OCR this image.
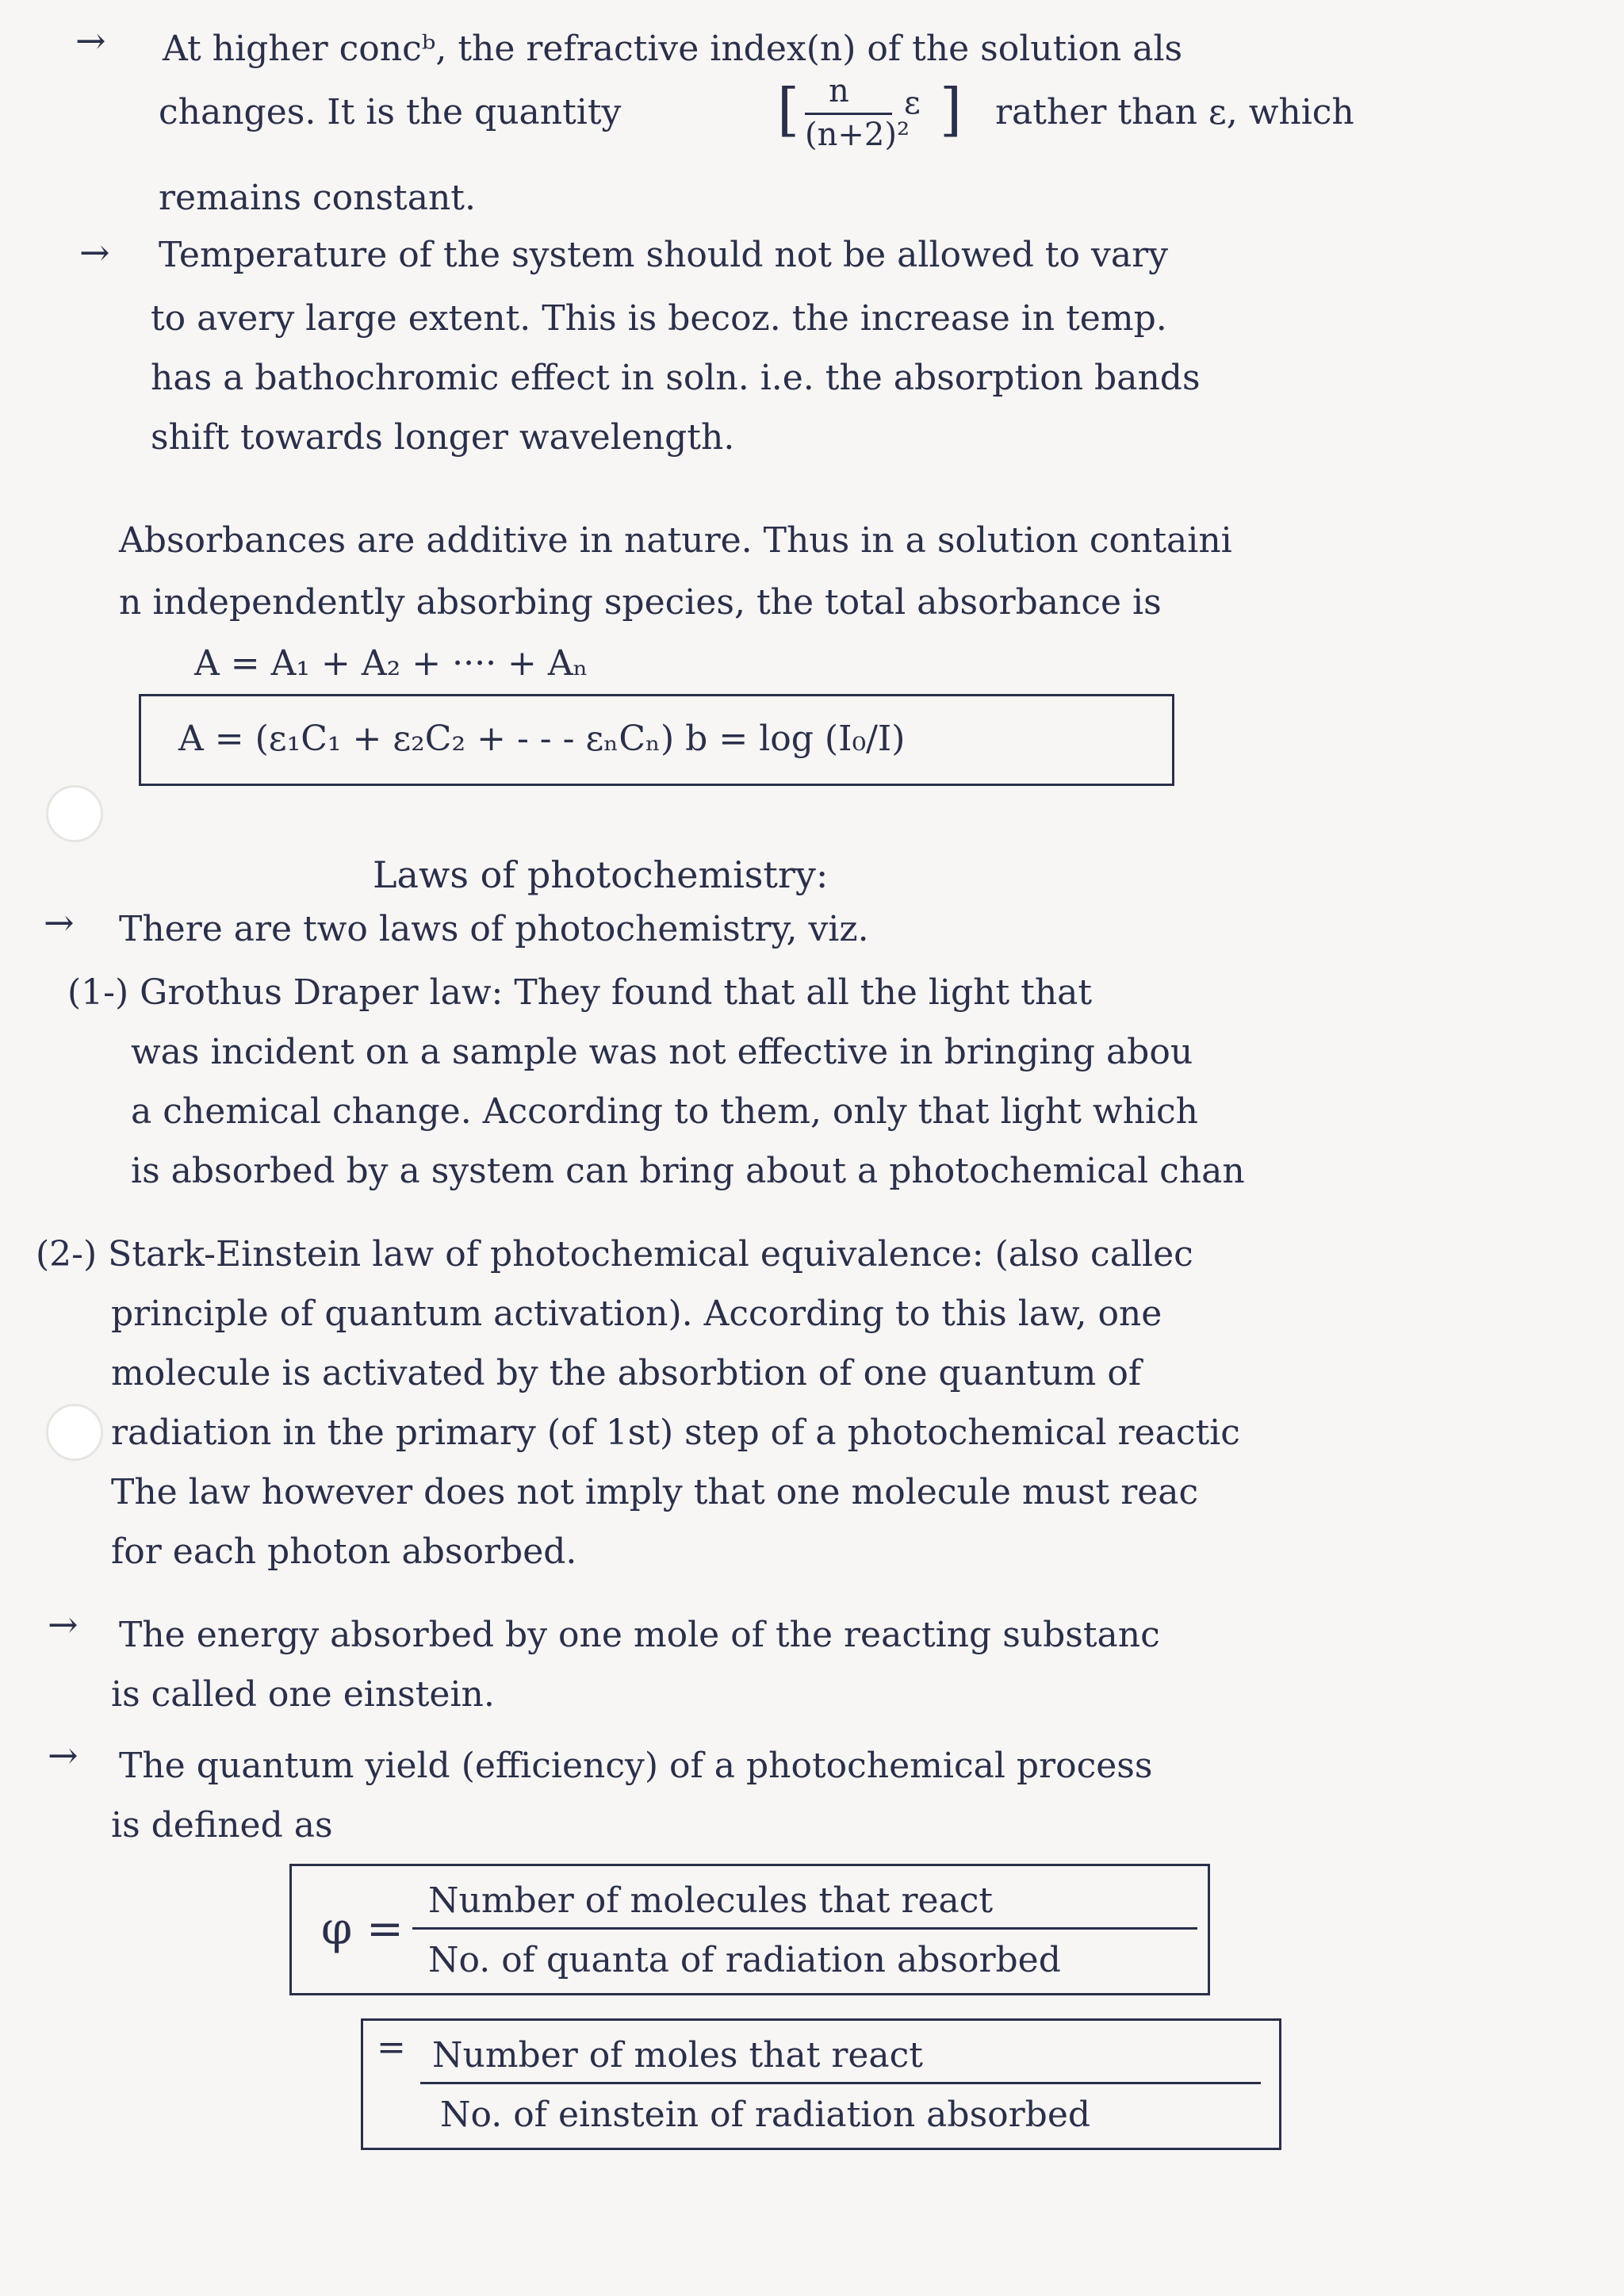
→ At higher concᵇ, the refractive index(n) of the solution als
changes. It is the quantity	[ n
(n+2)²
ε ] rather than ε, which
remains constant.
→ Temperature of the system should not be allowed to vary
to avery large extent. This is becoz. the increase in temp.
has a bathochromic effect in soln. i.e. the absorption bands
shift towards longer wavelength.
Absorbances are additive in nature. Thus in a solution containi
n independently absorbing species, the total absorbance is
A = A₁ + A₂ + ···· + Aₙ
A = (ε₁C₁ + ε₂C₂ + - - - εₙCₙ) b = log (I₀/I)
Laws of photochemistry:
→ There are two laws of photochemistry, viz.
(1-) Grothus Draper law: They found that all the light that
was incident on a sample was not effective in bringing abou
a chemical change. According to them, only that light which
is absorbed by a system can bring about a photochemical chan
(2-) Stark-Einstein law of photochemical equivalence: (also callec
principle of quantum activation). According to this law, one
molecule is activated by the absorbtion of one quantum of
radiation in the primary (of 1st) step of a photochemical reactic
The law however does not imply that one molecule must reac
for each photon absorbed.
→ The energy absorbed by one mole of the reacting substanc
is called one einstein.
→ The quantum yield (efficiency) of a photochemical process
is defined as
φ =
Number of molecules that react
No. of quanta of radiation absorbed
= Number of moles that react
No. of einstein of radiation absorbed
